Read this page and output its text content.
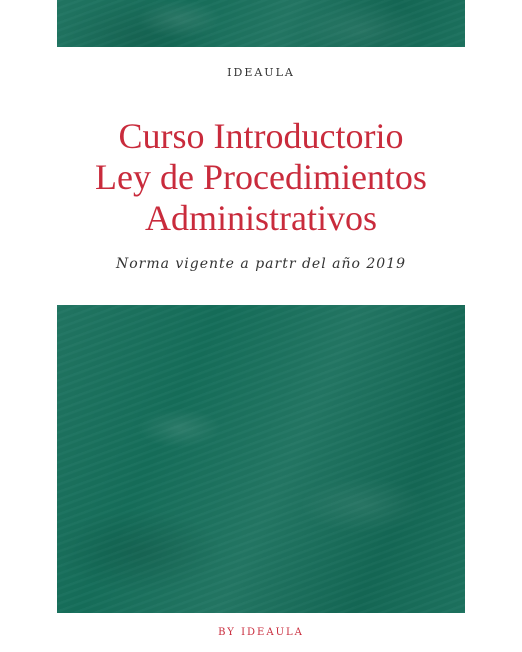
IDEAULA
Curso Introductorio
Ley de Procedimientos
Administrativos
Norma vigente a partr del año 2019
BY IDEAULA
